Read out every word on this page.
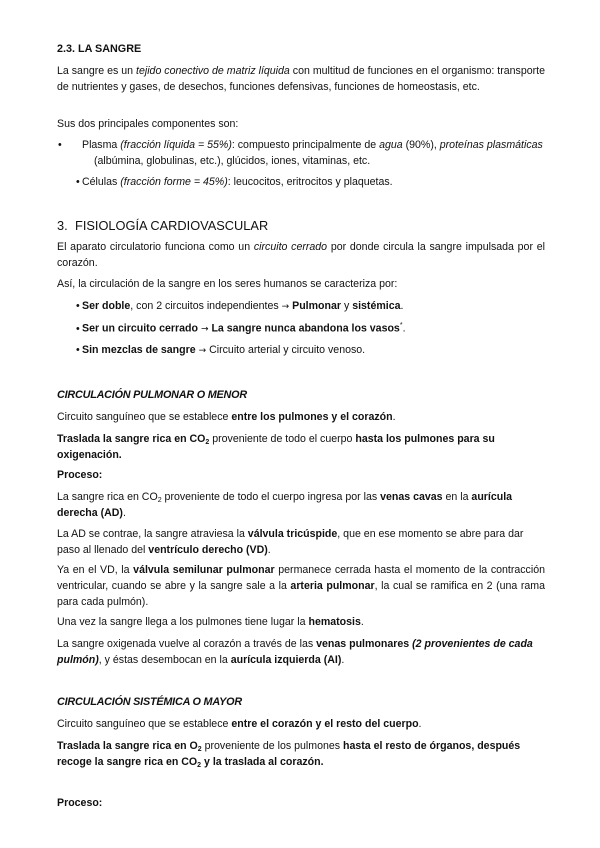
2.3. LA SANGRE

La sangre es un tejido conectivo de matriz líquida con multitud de funciones en el organismo: transporte de nutrientes y gases, de desechos, funciones defensivas, funciones de homeostasis, etc.

Sus dos principales componentes son:

• Plasma (fracción líquida = 55%): compuesto principalmente de agua (90%), proteínas plasmáticas (albúmina, globulinas, etc.), glúcidos, iones, vitaminas, etc.

• Células (fracción forme = 45%): leucocitos, eritrocitos y plaquetas.

3. FISIOLOGÍA CARDIOVASCULAR

El aparato circulatorio funciona como un circuito cerrado por donde circula la sangre impulsada por el corazón.

Así, la circulación de la sangre en los seres humanos se caracteriza por:

• Ser doble, con 2 circuitos independientes → Pulmonar y sistémica.

• Ser un circuito cerrado → La sangre nunca abandona los vasos*.

• Sin mezclas de sangre → Circuito arterial y circuito venoso.

CIRCULACIÓN PULMONAR O MENOR

Circuito sanguíneo que se establece entre los pulmones y el corazón.

Traslada la sangre rica en $CO_2$ proveniente de todo el cuerpo hasta los pulmones para su oxigenación.

Proceso:

La sangre rica en $CO_2$ proveniente de todo el cuerpo ingresa por las venas cavas en la aurícula derecha (AD).

La AD se contrae, la sangre atraviesa la válvula tricúspide, que en ese momento se abre para dar paso al llenado del ventrículo derecho (VD).

Ya en el VD, la válvula semilunar pulmonar permanece cerrada hasta el momento de la contracción ventricular, cuando se abre y la sangre sale a la arteria pulmonar, la cual se ramifica en 2 (una rama para cada pulmón).

Una vez la sangre llega a los pulmones tiene lugar la hematosis.

La sangre oxigenada vuelve al corazón a través de las venas pulmonares (2 provenientes de cada pulmón), y éstas desembocan en la aurícula izquierda (AI).

CIRCULACIÓN SISTÉMICA O MAYOR

Circuito sanguíneo que se establece entre el corazón y el resto del cuerpo.

Traslada la sangre rica en $O_2$ proveniente de los pulmones hasta el resto de órganos, después recoge la sangre rica en $CO_2$ y la traslada al corazón.

Proceso:
